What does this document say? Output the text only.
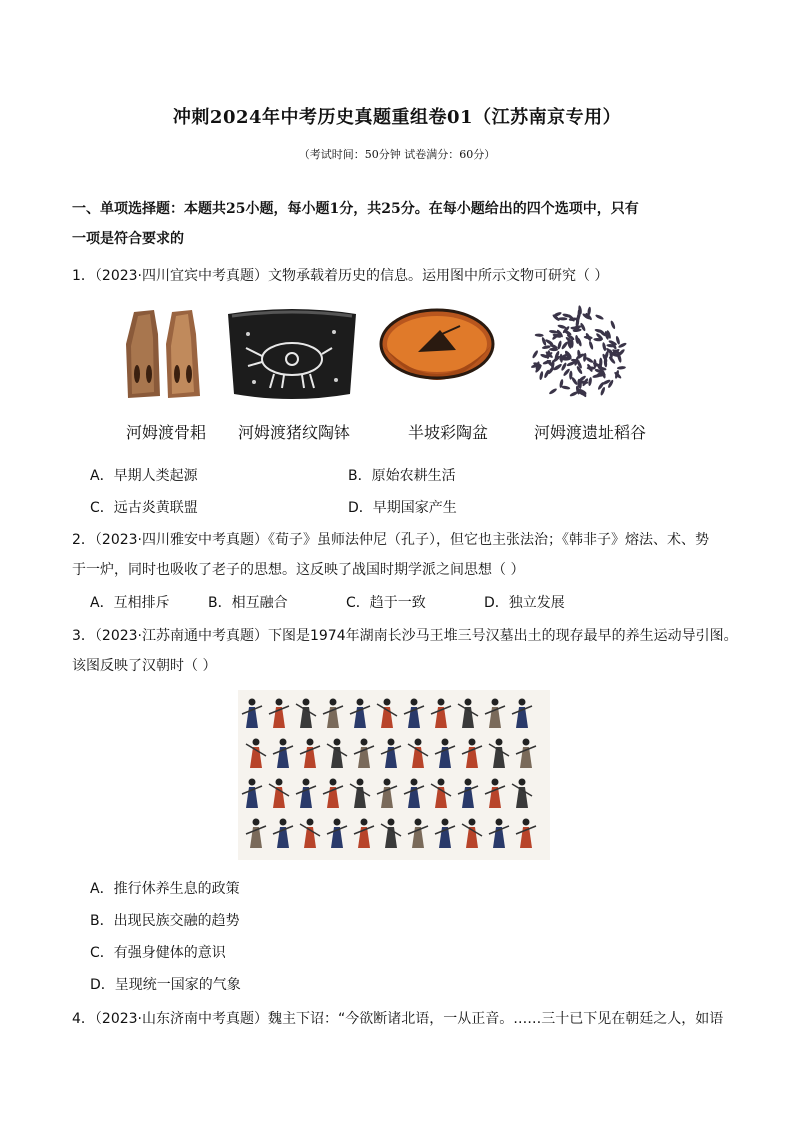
冲刺2024年中考历史真题重组卷01（江苏南京专用）
（考试时间：50分钟 试卷满分：60分）
一、单项选择题：本题共25小题，每小题1分，共25分。在每小题给出的四个选项中，只有
一项是符合要求的
1．（2023·四川宜宾中考真题）文物承载着历史的信息。运用图中所示文物可研究（ ）
河姆渡骨耜 河姆渡猪纹陶钵	半坡彩陶盆	河姆渡遗址稻谷
A．早期人类起源	B．原始农耕生活
C．远古炎黄联盟	D．早期国家产生
2．（2023·四川雅安中考真题）《荀子》虽师法仲尼（孔子），但它也主张法治；《韩非子》熔法、术、势
于一炉，同时也吸收了老子的思想。这反映了战国时期学派之间思想（ ）
A．互相排斥	B．相互融合	C．趋于一致	D．独立发展
3．（2023·江苏南通中考真题）下图是1974年湖南长沙马王堆三号汉墓出土的现存最早的养生运动导引图。
该图反映了汉朝时（ ）
A．推行休养生息的政策
B．出现民族交融的趋势
C．有强身健体的意识
D．呈现统一国家的气象
4．（2023·山东济南中考真题）魏主下诏：“今欲断诸北语，一从正音。……三十已下见在朝廷之人，如语
